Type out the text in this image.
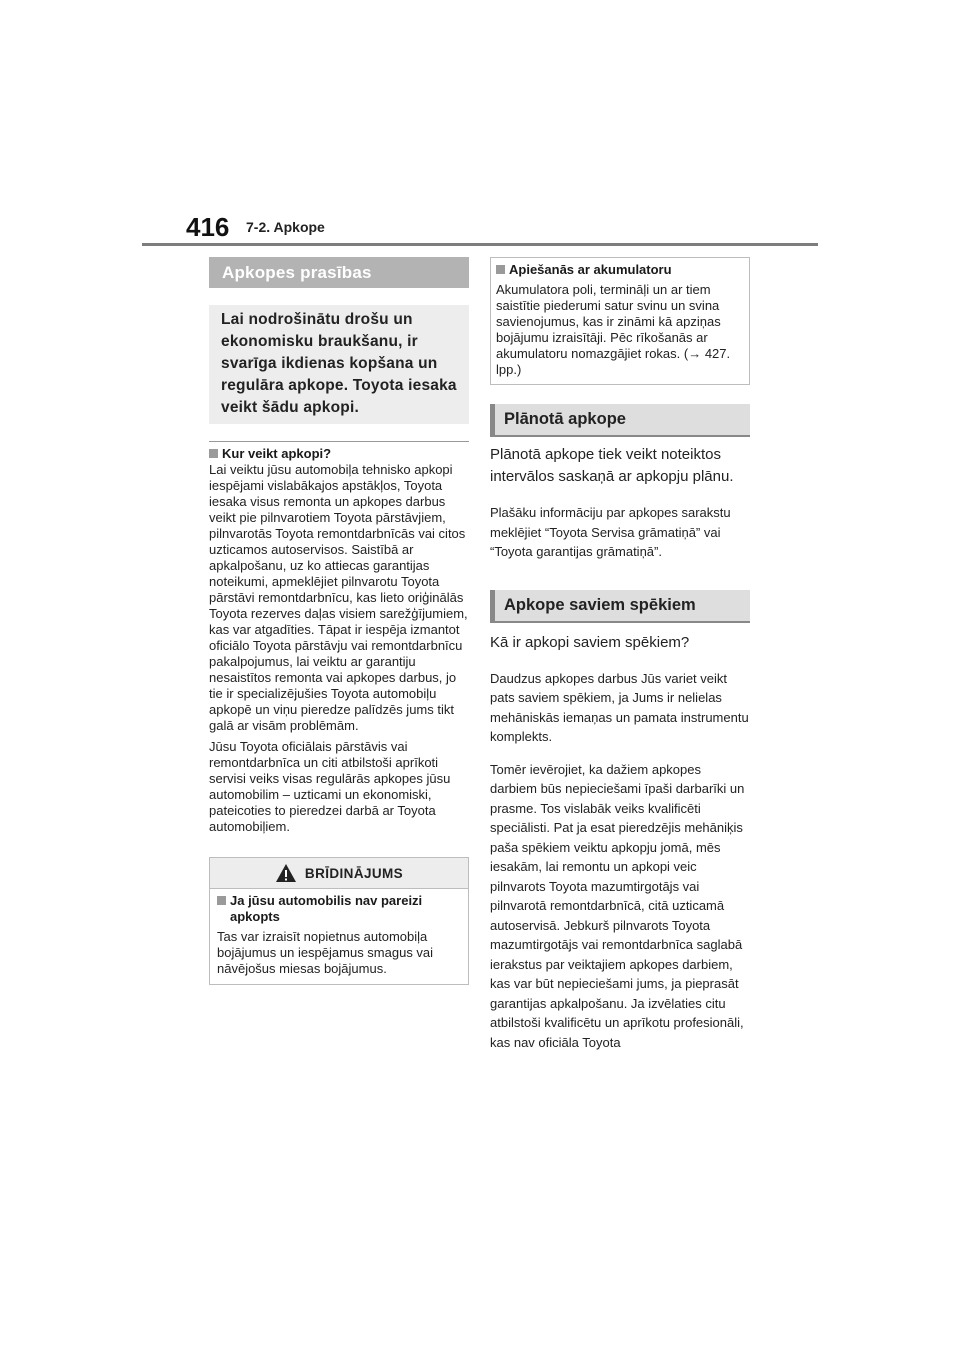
416 7-2. Apkope
Apkopes prasības
Lai nodrošinātu drošu un ekonomisku braukšanu, ir svarīga ikdienas kopšana un regulāra apkope. Toyota iesaka veikt šādu apkopi.
Kur veikt apkopi?

Lai veiktu jūsu automobiļa tehnisko apkopi iespējami vislabākajos apstākļos, Toyota iesaka visus remonta un apkopes darbus veikt pie pilnvarotiem Toyota pārstāvjiem, pilnvarotās Toyota remontdarbnīcās vai citos uzticamos autoservisos. Saistībā ar apkalpošanu, uz ko attiecas garantijas noteikumi, apmeklējiet pilnvarotu Toyota pārstāvi remontdarbnīcu, kas lieto oriģinālās Toyota rezerves daļas visiem sarežģījumiem, kas var atgadīties. Tāpat ir iespēja izmantot oficiālo Toyota pārstāvju vai remontdarbnīcu pakalpojumus, lai veiktu ar garantiju nesaistītos remonta vai apkopes darbus, jo tie ir specializējušies Toyota automobiļu apkopē un viņu pieredze palīdzēs jums tikt galā ar visām problēmām.

Jūsu Toyota oficiālais pārstāvis vai remontdarbnīca un citi atbilstoši aprīkoti servisi veiks visas regulārās apkopes jūsu automobilim – uzticami un ekonomiski, pateicoties to pieredzei darbā ar Toyota automobiļiem.

BRĪDINĀJUMS
Ja jūsu automobilis nav pareizi apkopts

Tas var izraisīt nopietnus automobiļa bojājumus un iespējamus smagus vai nāvējošus miesas bojājumus.

Apiešanās ar akumulatoru

Akumulatora poli, termināļi un ar tiem saistītie piederumi satur svinu un svina savienojumus, kas ir zināmi kā apziņas bojājumu izraisītāji. Pēc rīkošanās ar akumulatoru nomazgājiet rokas. (→ 427. lpp.)

Plānotā apkope

Plānotā apkope tiek veikt noteiktos intervālos saskaņā ar apkopju plānu.

Plašāku informāciju par apkopes sarakstu meklējiet “Toyota Servisa grāmatiņā” vai “Toyota garantijas grāmatiņā”.

Apkope saviem spēkiem

Kā ir apkopi saviem spēkiem?

Daudzus apkopes darbus Jūs variet veikt pats saviem spēkiem, ja Jums ir nelielas mehāniskās iemaņas un pamata instrumentu komplekts.

Tomēr ievērojiet, ka dažiem apkopes darbiem būs nepieciešami īpaši darbarīki un prasme. Tos vislabāk veiks kvalificēti speciālisti. Pat ja esat pieredzējis mehāniķis paša spēkiem veiktu apkopju jomā, mēs iesakām, lai remontu un apkopi veic pilnvarots Toyota mazumtirgotājs vai pilnvarotā remontdarbnīcā, citā uzticamā autoservisā. Jebkurš pilnvarots Toyota mazumtirgotājs vai remontdarbnīca saglabā ierakstus par veiktajiem apkopes darbiem, kas var būt nepieciešami jums, ja pieprasāt garantijas apkalpošanu. Ja izvēlaties citu atbilstoši kvalificētu un aprīkotu profesionāli, kas nav oficiāla Toyota
